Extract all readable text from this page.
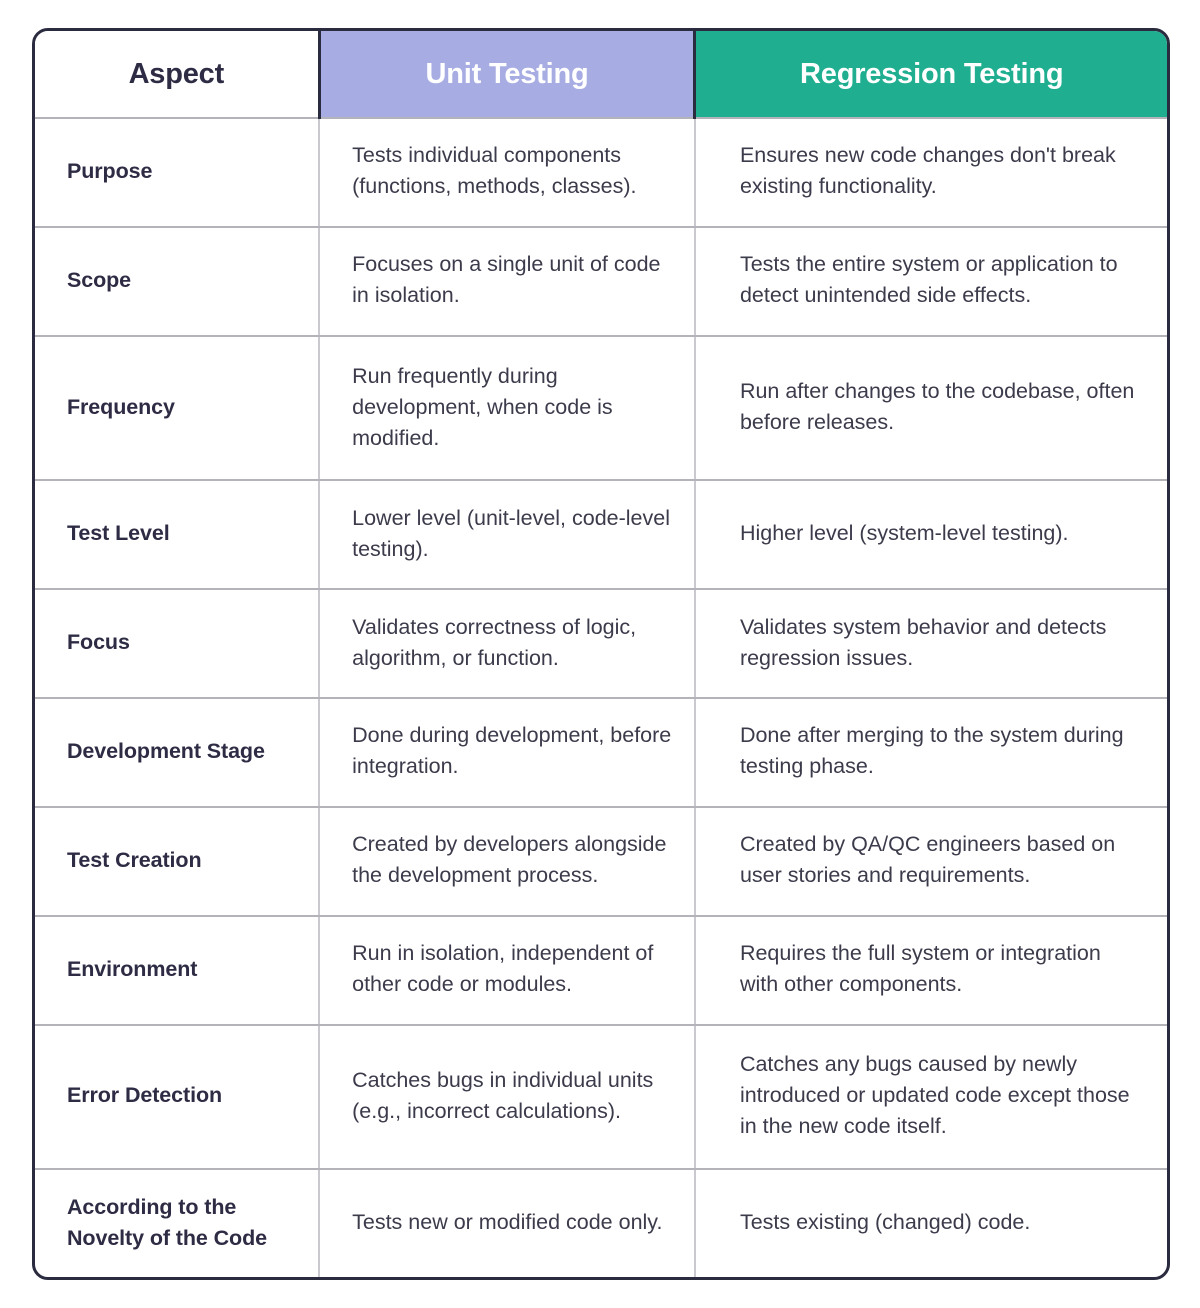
Aspect	Unit Testing	Regression Testing
Purpose	Tests individual components (functions, methods, classes).	Ensures new code changes don't break existing functionality.
Scope	Focuses on a single unit of code in isolation.	Tests the entire system or application to detect unintended side effects.
Frequency	Run frequently during development, when code is modified.	Run after changes to the codebase, often before releases.
Test Level	Lower level (unit-level, code-level testing).	Higher level (system-level testing).
Focus	Validates correctness of logic, algorithm, or function.	Validates system behavior and detects regression issues.
Development Stage	Done during development, before integration.	Done after merging to the system during testing phase.
Test Creation	Created by developers alongside the development process.	Created by QA/QC engineers based on user stories and requirements.
Environment	Run in isolation, independent of other code or modules.	Requires the full system or integration with other components.
Error Detection	Catches bugs in individual units (e.g., incorrect calculations).	Catches any bugs caused by newly introduced or updated code except those in the new code itself.
According to the Novelty of the Code	Tests new or modified code only.	Tests existing (changed) code.
